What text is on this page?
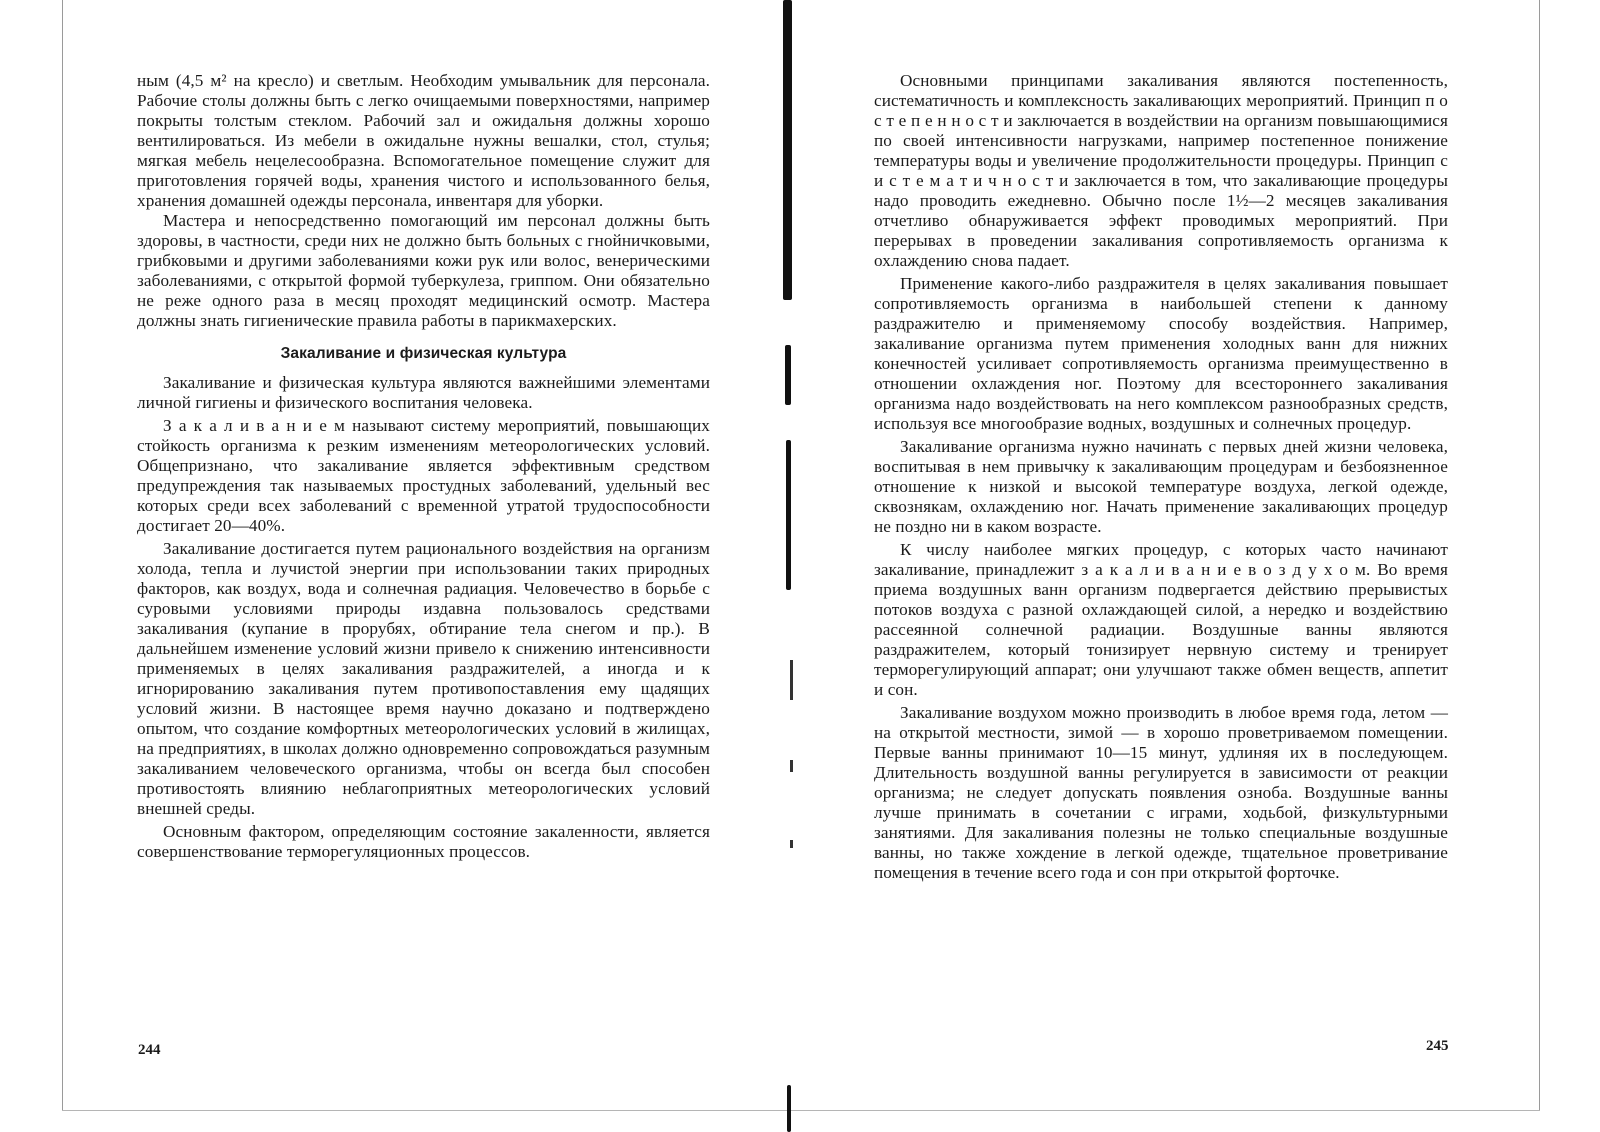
ным (4,5 м² на кресло) и светлым. Необходим умывальник для персонала. Рабочие столы должны быть с легко очищаемыми поверхностями, например покрыты толстым стеклом. Рабочий зал и ожидальня должны хорошо вентилироваться. Из мебели в ожидальне нужны вешалки, стол, стулья; мягкая мебель нецелесообразна. Вспомогательное помещение служит для приготовления горячей воды, хранения чистого и использованного белья, хранения домашней одежды персонала, инвентаря для уборки.

Мастера и непосредственно помогающий им персонал должны быть здоровы, в частности, среди них не должно быть больных с гнойничковыми, грибковыми и другими заболеваниями кожи рук или волос, венерическими заболеваниями, с открытой формой туберкулеза, гриппом. Они обязательно не реже одного раза в месяц проходят медицинский осмотр. Мастера должны знать гигиенические правила работы в парикмахерских.

Закаливание и физическая культура

Закаливание и физическая культура являются важнейшими элементами личной гигиены и физического воспитания человека.

З а к а л и в а н и е м называют систему мероприятий, повышающих стойкость организма к резким изменениям метеорологических условий. Общепризнано, что закаливание является эффективным средством предупреждения так называемых простудных заболеваний, удельный вес которых среди всех заболеваний с временной утратой трудоспособности достигает 20—40%.

Закаливание достигается путем рационального воздействия на организм холода, тепла и лучистой энергии при использовании таких природных факторов, как воздух, вода и солнечная радиация. Человечество в борьбе с суровыми условиями природы издавна пользовалось средствами закаливания (купание в прорубях, обтирание тела снегом и пр.). В дальнейшем изменение условий жизни привело к снижению интенсивности применяемых в целях закаливания раздражителей, а иногда и к игнорированию закаливания путем противопоставления ему щадящих условий жизни. В настоящее время научно доказано и подтверждено опытом, что создание комфортных метеорологических условий в жилищах, на предприятиях, в школах должно одновременно сопровождаться разумным закаливанием человеческого организма, чтобы он всегда был способен противостоять влиянию неблагоприятных метеорологических условий внешней среды.

Основным фактором, определяющим состояние закаленности, является совершенствование терморегуляционных процессов.

244

Основными принципами закаливания являются постепенность, систематичность и комплексность закаливающих мероприятий. Принцип п о с т е п е н н о с т и заключается в воздействии на организм повышающимися по своей интенсивности нагрузками, например постепенное понижение температуры воды и увеличение продолжительности процедуры. Принцип с и с т е м а т и ч н о с т и заключается в том, что закаливающие процедуры надо проводить ежедневно. Обычно после 1½—2 месяцев закаливания отчетливо обнаруживается эффект проводимых мероприятий. При перерывах в проведении закаливания сопротивляемость организма к охлаждению снова падает.

Применение какого-либо раздражителя в целях закаливания повышает сопротивляемость организма в наибольшей степени к данному раздражителю и применяемому способу воздействия. Например, закаливание организма путем применения холодных ванн для нижних конечностей усиливает сопротивляемость организма преимущественно в отношении охлаждения ног. Поэтому для всестороннего закаливания организма надо воздействовать на него комплексом разнообразных средств, используя все многообразие водных, воздушных и солнечных процедур.

Закаливание организма нужно начинать с первых дней жизни человека, воспитывая в нем привычку к закаливающим процедурам и безбоязненное отношение к низкой и высокой температуре воздуха, легкой одежде, сквознякам, охлаждению ног. Начать применение закаливающих процедур не поздно ни в каком возрасте.

К числу наиболее мягких процедур, с которых часто начинают закаливание, принадлежит з а к а л и в а н и е в о з д у х о м. Во время приема воздушных ванн организм подвергается действию прерывистых потоков воздуха с разной охлаждающей силой, а нередко и воздействию рассеянной солнечной радиации. Воздушные ванны являются раздражителем, который тонизирует нервную систему и тренирует терморегулирующий аппарат; они улучшают также обмен веществ, аппетит и сон.

Закаливание воздухом можно производить в любое время года, летом — на открытой местности, зимой — в хорошо проветриваемом помещении. Первые ванны принимают 10—15 минут, удлиняя их в последующем. Длительность воздушной ванны регулируется в зависимости от реакции организма; не следует допускать появления озноба. Воздушные ванны лучше принимать в сочетании с играми, ходьбой, физкультурными занятиями. Для закаливания полезны не только специальные воздушные ванны, но также хождение в легкой одежде, тщательное проветривание помещения в течение всего года и сон при открытой форточке.

245
